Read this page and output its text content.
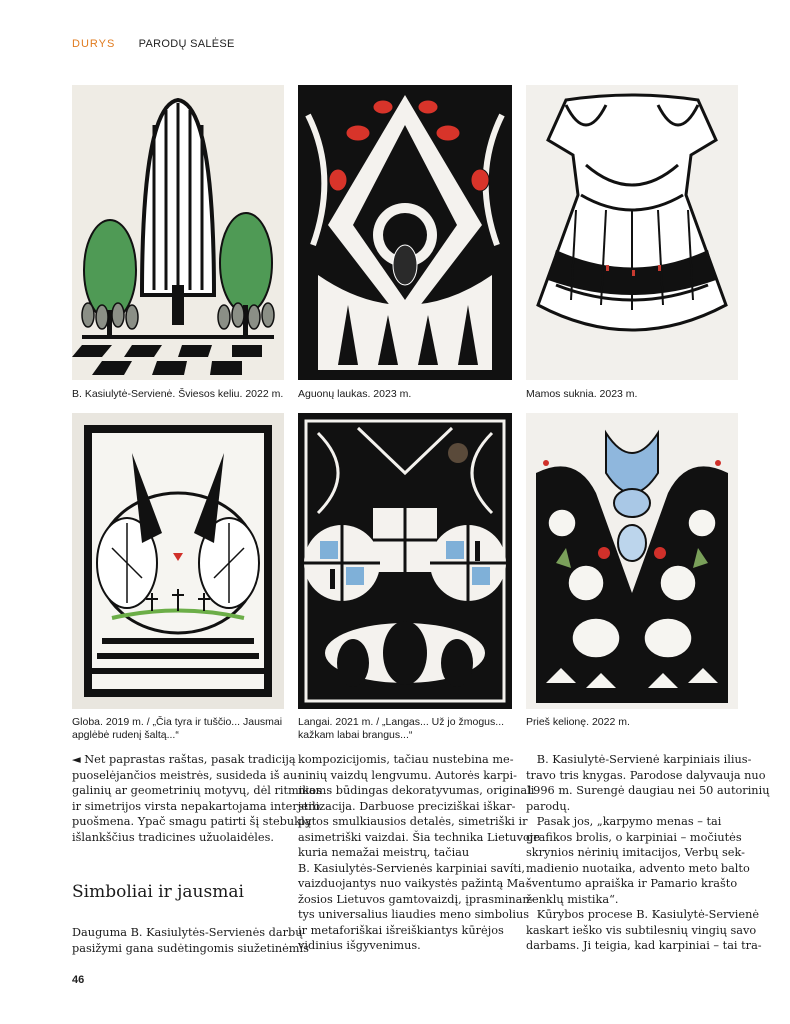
DURYS PARODŲ SALĖSE
B. Kasiulytė-Servienė. Šviesos keliu. 2022 m. Aguonų laukas. 2023 m.	Mamos suknia. 2023 m.
Globa. 2019 m. / „Čia tyra ir tuščio... Jausmai
apglėbė rudenį šaltą...“
Langai. 2021 m. / „Langas... Už jo žmogus...
kažkam labai brangus...“
Prieš kelionę. 2022 m.
◄ Net paprastas raštas, pasak tradiciją
puoselėjančios meistrės, susideda iš au-
galinių ar geometrinių motyvų, dėl ritmikos
ir simetrijos virsta nepakartojama interjero
puošmena. Ypač smagu patirti šį stebuklą
išlankščius tradicines užuolaidėles.
Simboliai ir jausmai
Dauguma B. Kasiulytės-Servienės darbų
pasižymi gana sudėtingomis siužetinėmis
kompozicijomis, tačiau nustebina me-
ninių vaizdų lengvumu. Autorės karpi-
niams būdingas dekoratyvumas, originali
stilizacija. Darbuose preciziškai iškar-
pytos smulkiausios detalės, simetriški ir
asimetriški vaizdai. Šia technika Lietuvoje
kuria nemažai meistrų, tačiau
B. Kasiulytės-Servienės karpiniai savíti,
vaizduojantys nuo vaikystės pažintą Ma-
žosios Lietuvos gamtovaizdį, įprasminan-
tys universalius liaudies meno simbolius
ir metaforiškai išreiškiantys kūrėjos
vidinius išgyvenimus.
B. Kasiulytė-Servienė karpiniais ilius-
travo tris knygas. Parodose dalyvauja nuo
1996 m. Surengė daugiau nei 50 autorinių
parodų.
Pasak jos, „karpymo menas – tai
grafikos brolis, o karpiniai – močiutės
skrynios nėrinių imitacijos, Verbų sek-
madienio nuotaika, advento meto balto
šventumo apraiška ir Pamario krašto
ženklų mistika“.
Kūrybos procese B. Kasiulytė-Servienė
kaskart ieško vis subtilesnių vingių savo
darbams. Ji teigia, kad karpiniai – tai tra-
46
